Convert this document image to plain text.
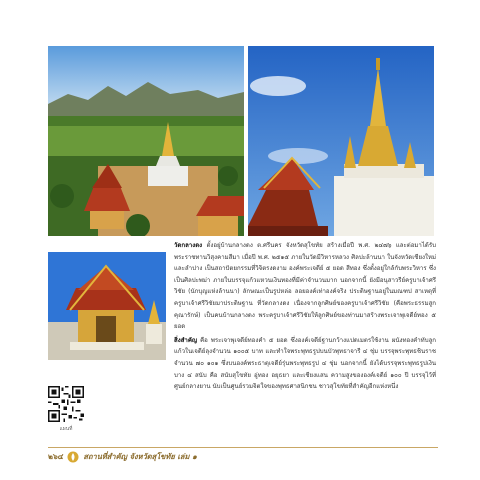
วัดกลางดง ตั้งอยู่บ้านกลางดง ต.ศรีนคร จังหวัดสุโขทัย สร้างเมื่อปี พ.ศ. ๒๔๗๖ และต่อมาได้รับพระราชทานวิสุงคามสีมา เมื่อปี พ.ศ. ๒๕๑๕ ภายในวัดมีวิหารหลวง ศิลปะล้านนา ในจังหวัดเชียงใหม่ และลำปาง เป็นสถาปัตยกรรมที่วิจิตรงดงาม องค์พระเจดีย์ ๕ ยอด สีทอง ซึ่งตั้งอยู่ใกล้กับพระวิหาร ซึ่งเป็นศิลปะพม่า ภายในบรรจุแก้วแหวนเงินทองที่มีค่าจำนวนมาก นอกจากนี้ ยังมีอนุสาวรีย์ครูบาเจ้าศรีวิชัย (นักบุญแห่งล้านนา) ลักษณะเป็นรูปหล่อ ลอยองค์เท่าองค์จริง ประดิษฐานอยู่ในมณฑป สาเหตุที่ครูบาเจ้าศรีวิชัยมาประดิษฐาน ที่วัดกลางดง เนื่องจากลูกศิษย์ของครูบาเจ้าศรีวิชัย (คือพระธรรมสูก คุณารักษ์) เป็นคนบ้านกลางดง พระครูบาเจ้าศรีวิชัยให้ลูกศิษย์ของท่านมาสร้างพระเจาพุเจดีย์ทอง ๕ ยอด

สิ่งสำคัญ คือ พระเจาพุเจดีย์ทองคำ ๕ ยอด ซึ่งองค์เจดีย์ฐานกว้างแปดเมตรใช้งาน ผนังทองคำทับลูกแก้วในเจดีย์ลุงจำนวน ๑๐๐๕ บาท และทำใจพระพุทธรูปบนบัวพุทธาจารี ๔ ชุ่ม บรรจุพระพุทธชินราช จำนวน ๗๐ ๑๐๑ ซึ่งบนองค์พระธาตุเจดีย์รุ่นพระพุทธรูป ๔ ชุ่ม นอกจากนี้ ยังได้บรรจุพระพุทธรูปเงินบาง ๔ สนับ คือ สนับสุโขทัย อู่ทอง อยุธยา และเชียงแสน ความสูงขององค์เจดีย์ ๑๐๐ ปี บรรจุไว้ที่ศูนย์กลางยาน นับเป็นศูนย์รวมจิตใจของพุทธศาสนิกชน ชาวสุโขทัยที่สำคัญอีกแห่งหนึ่ง

แผนที่
๒๖๔	สถานที่สำคัญ จังหวัดสุโขทัย เล่ม ๑
